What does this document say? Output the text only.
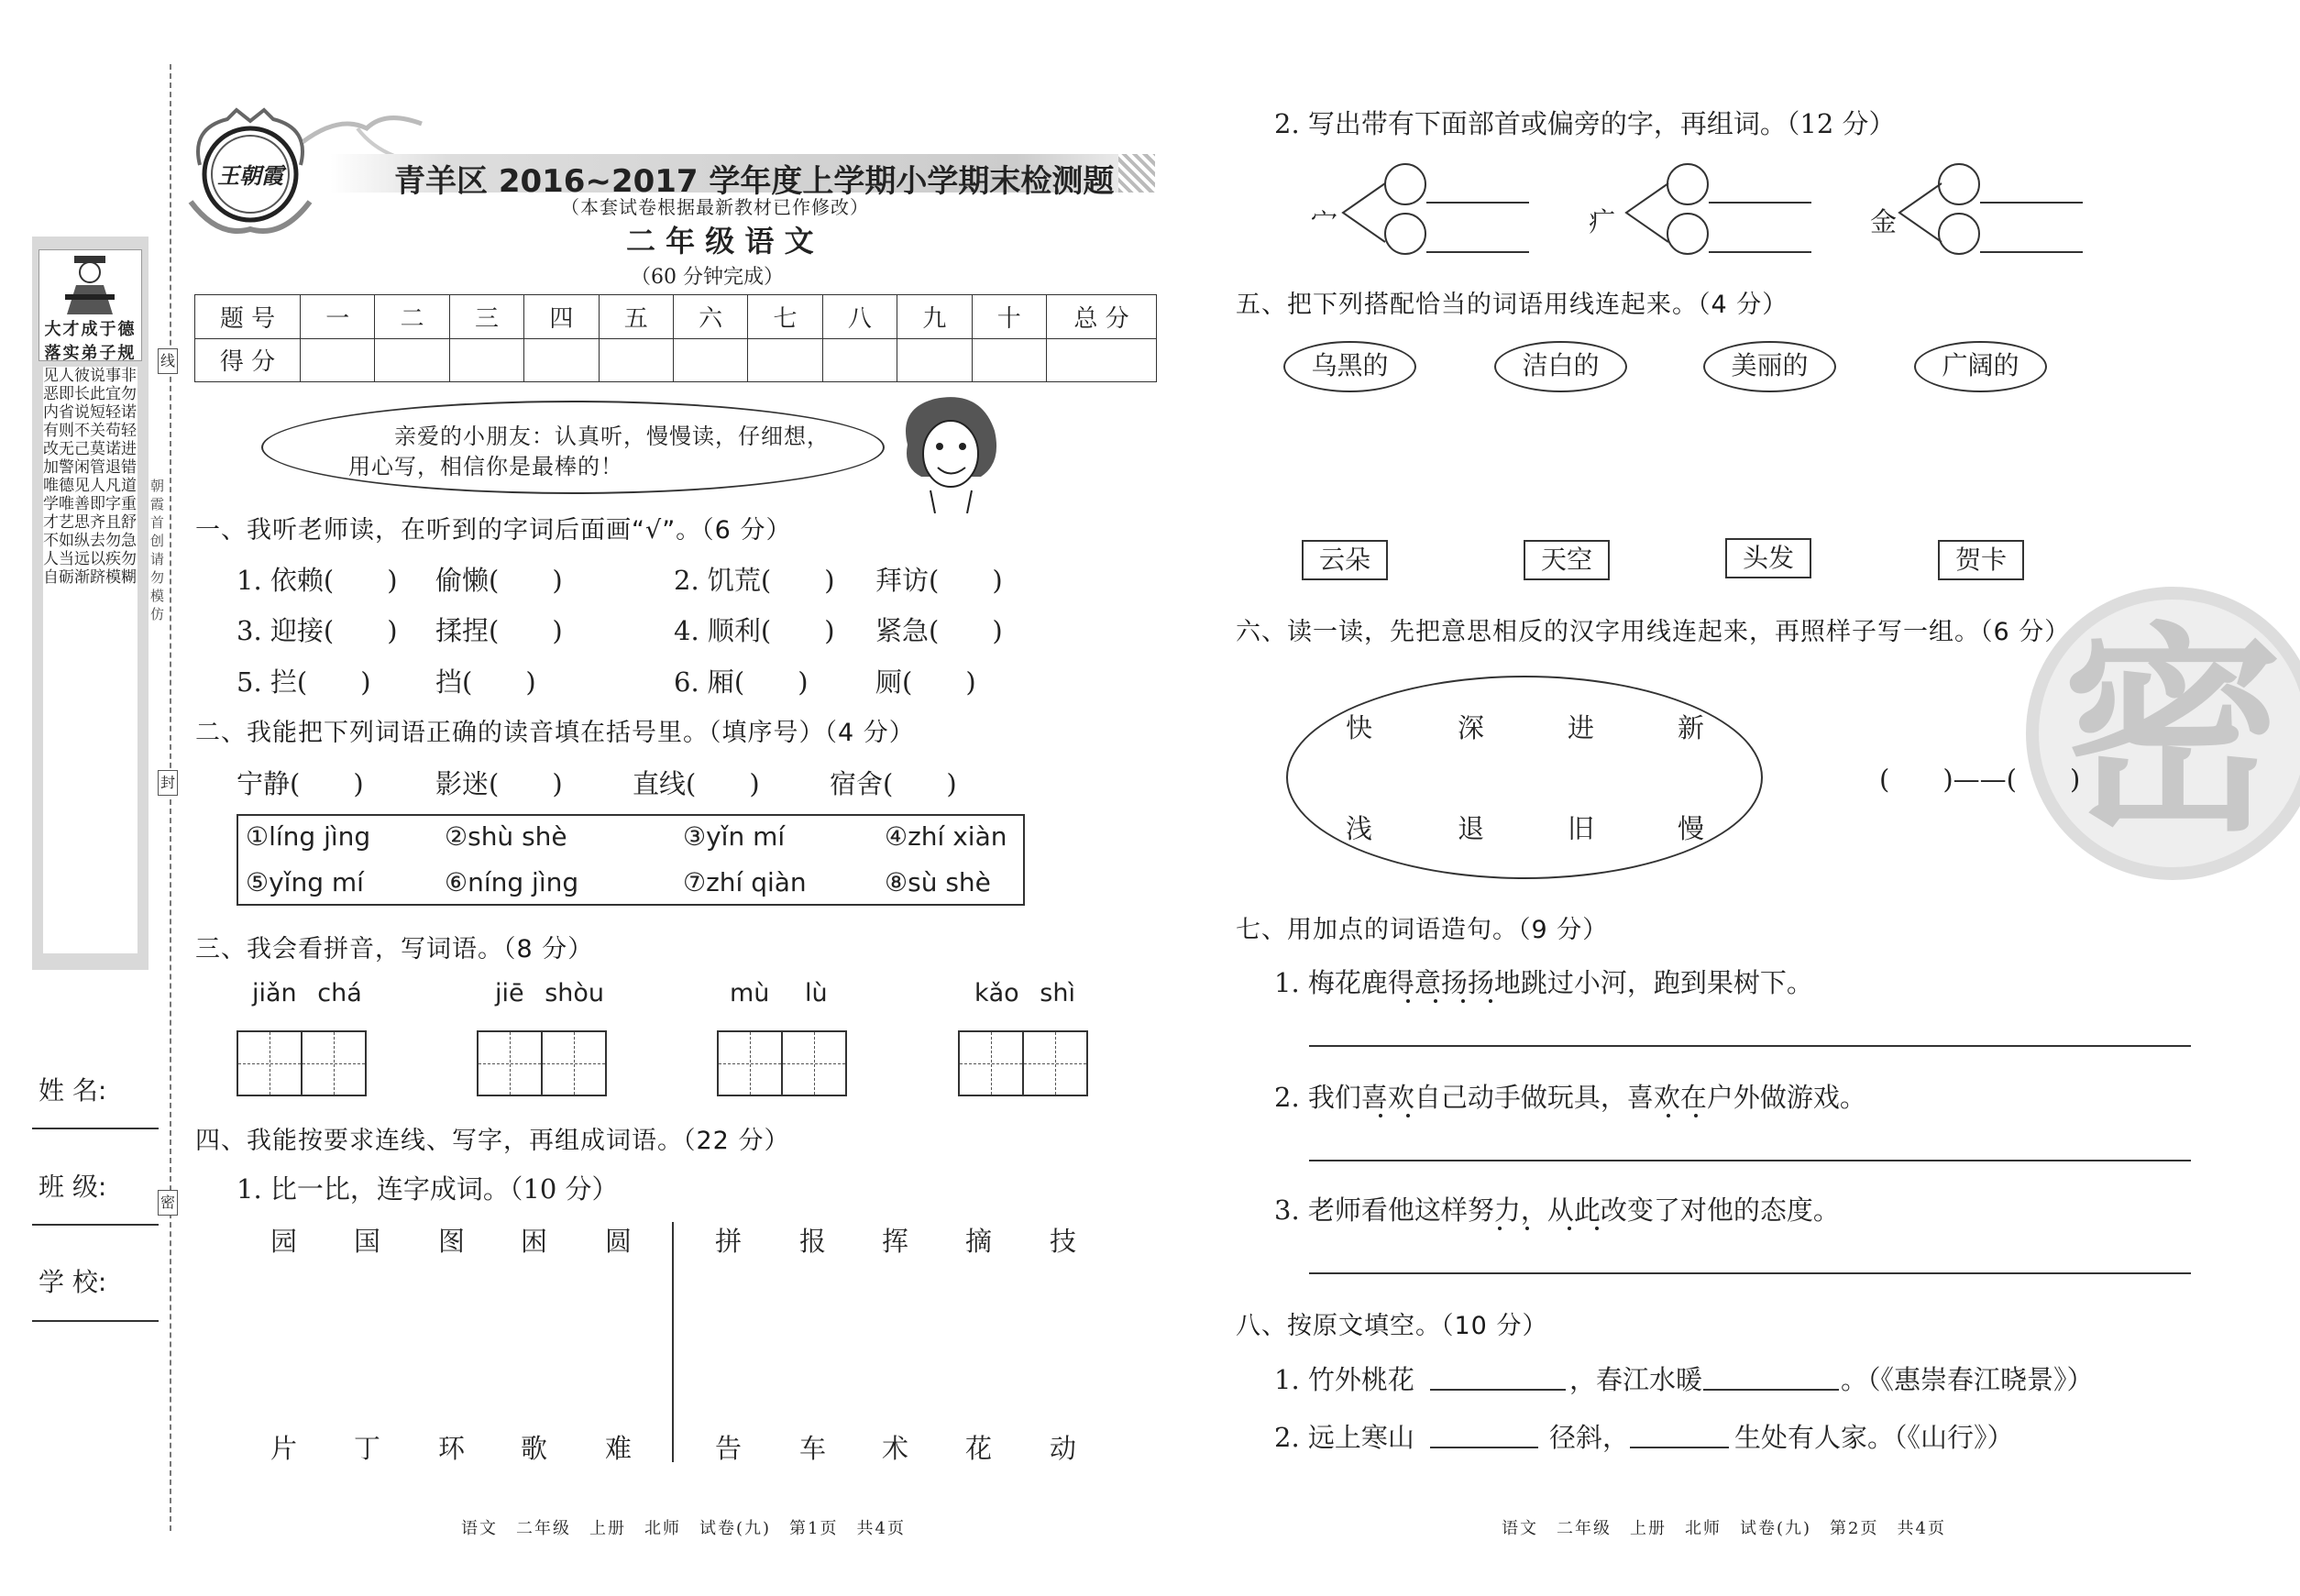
线
封
密
朝霞首创 请勿模仿
大才成于德
落实弟子规
见人恶即内省有则改无加警唯德学唯才艺不如人当自砺
彼说长此说短不关己莫闲管见人善即思齐纵去远以渐跻
事非宜勿轻诺苟轻诺进退错凡道字重且舒勿急疾勿模糊
姓 名:
班 级:
学 校:
王朝霞	青羊区 2016~2017 学年度上学期小学期末检测题
（本套试卷根据最新教材已作修改）
二 年 级 语 文
（60 分钟完成）
题 号	一	二	三	四	五	六	七	八	九	十	总 分
得 分											
亲爱的小朋友：认真听，慢慢读，仔细想，
用心写，相信你是最棒的！
一、我听老师读，在听到的字词后面画“√”。（6 分）
1. 依赖(　　) 偷懒(　　)	2. 饥荒(　　) 拜访(　　)
3. 迎接(　　) 揉捏(　　)	4. 顺利(　　) 紧急(　　)
5. 拦(　　) 挡(　　)	6. 厢(　　)	厕(　　)
二、我能把下列词语正确的读音填在括号里。（填序号）（4 分）
宁静(　　)	影迷(　　)	直线(　　)	宿舍(　　)
①líng jìng	②shù shè	③yǐn mí	④zhí xiàn
⑤yǐng mí	⑥níng jìng	⑦zhí qiàn	⑧sù shè
三、我会看拼音，写词语。（8 分）
jiǎn chá	jiē shòu	mù lù	kǎo shì
四、我能按要求连线、写字，再组成词语。（22 分）
1. 比一比，连字成词。（10 分）
园 国 图 困 圆	拼 报 挥 摘 技
片 丁 环 歌 难	告 车 术 花 动
语文　二年级　上册　北师　试卷(九)　第1页　共4页
密
2. 写出带有下面部首或偏旁的字，再组词。（12 分）
宀	疒	金
五、把下列搭配恰当的词语用线连起来。（4 分）
乌黑的	洁白的	美丽的	广阔的
云朵	天空	头发	贺卡
六、读一读，先把意思相反的汉字用线连起来，再照样子写一组。（6 分）
快	深	进	新
浅	退	旧	慢
(　　)——(　　)
七、用加点的词语造句。（9 分）
1. 梅花鹿得意扬扬地跳过小河，跑到果树下。
2. 我们喜欢自己动手做玩具，喜欢在户外做游戏。
3. 老师看他这样努力，从此改变了对他的态度。
八、按原文填空。（10 分）
1. 竹外桃花	，春江水暖	。（《惠崇春江晓景》）
2. 远上寒山	径斜，	生处有人家。（《山行》）
语文　二年级　上册　北师　试卷(九)　第2页　共4页
